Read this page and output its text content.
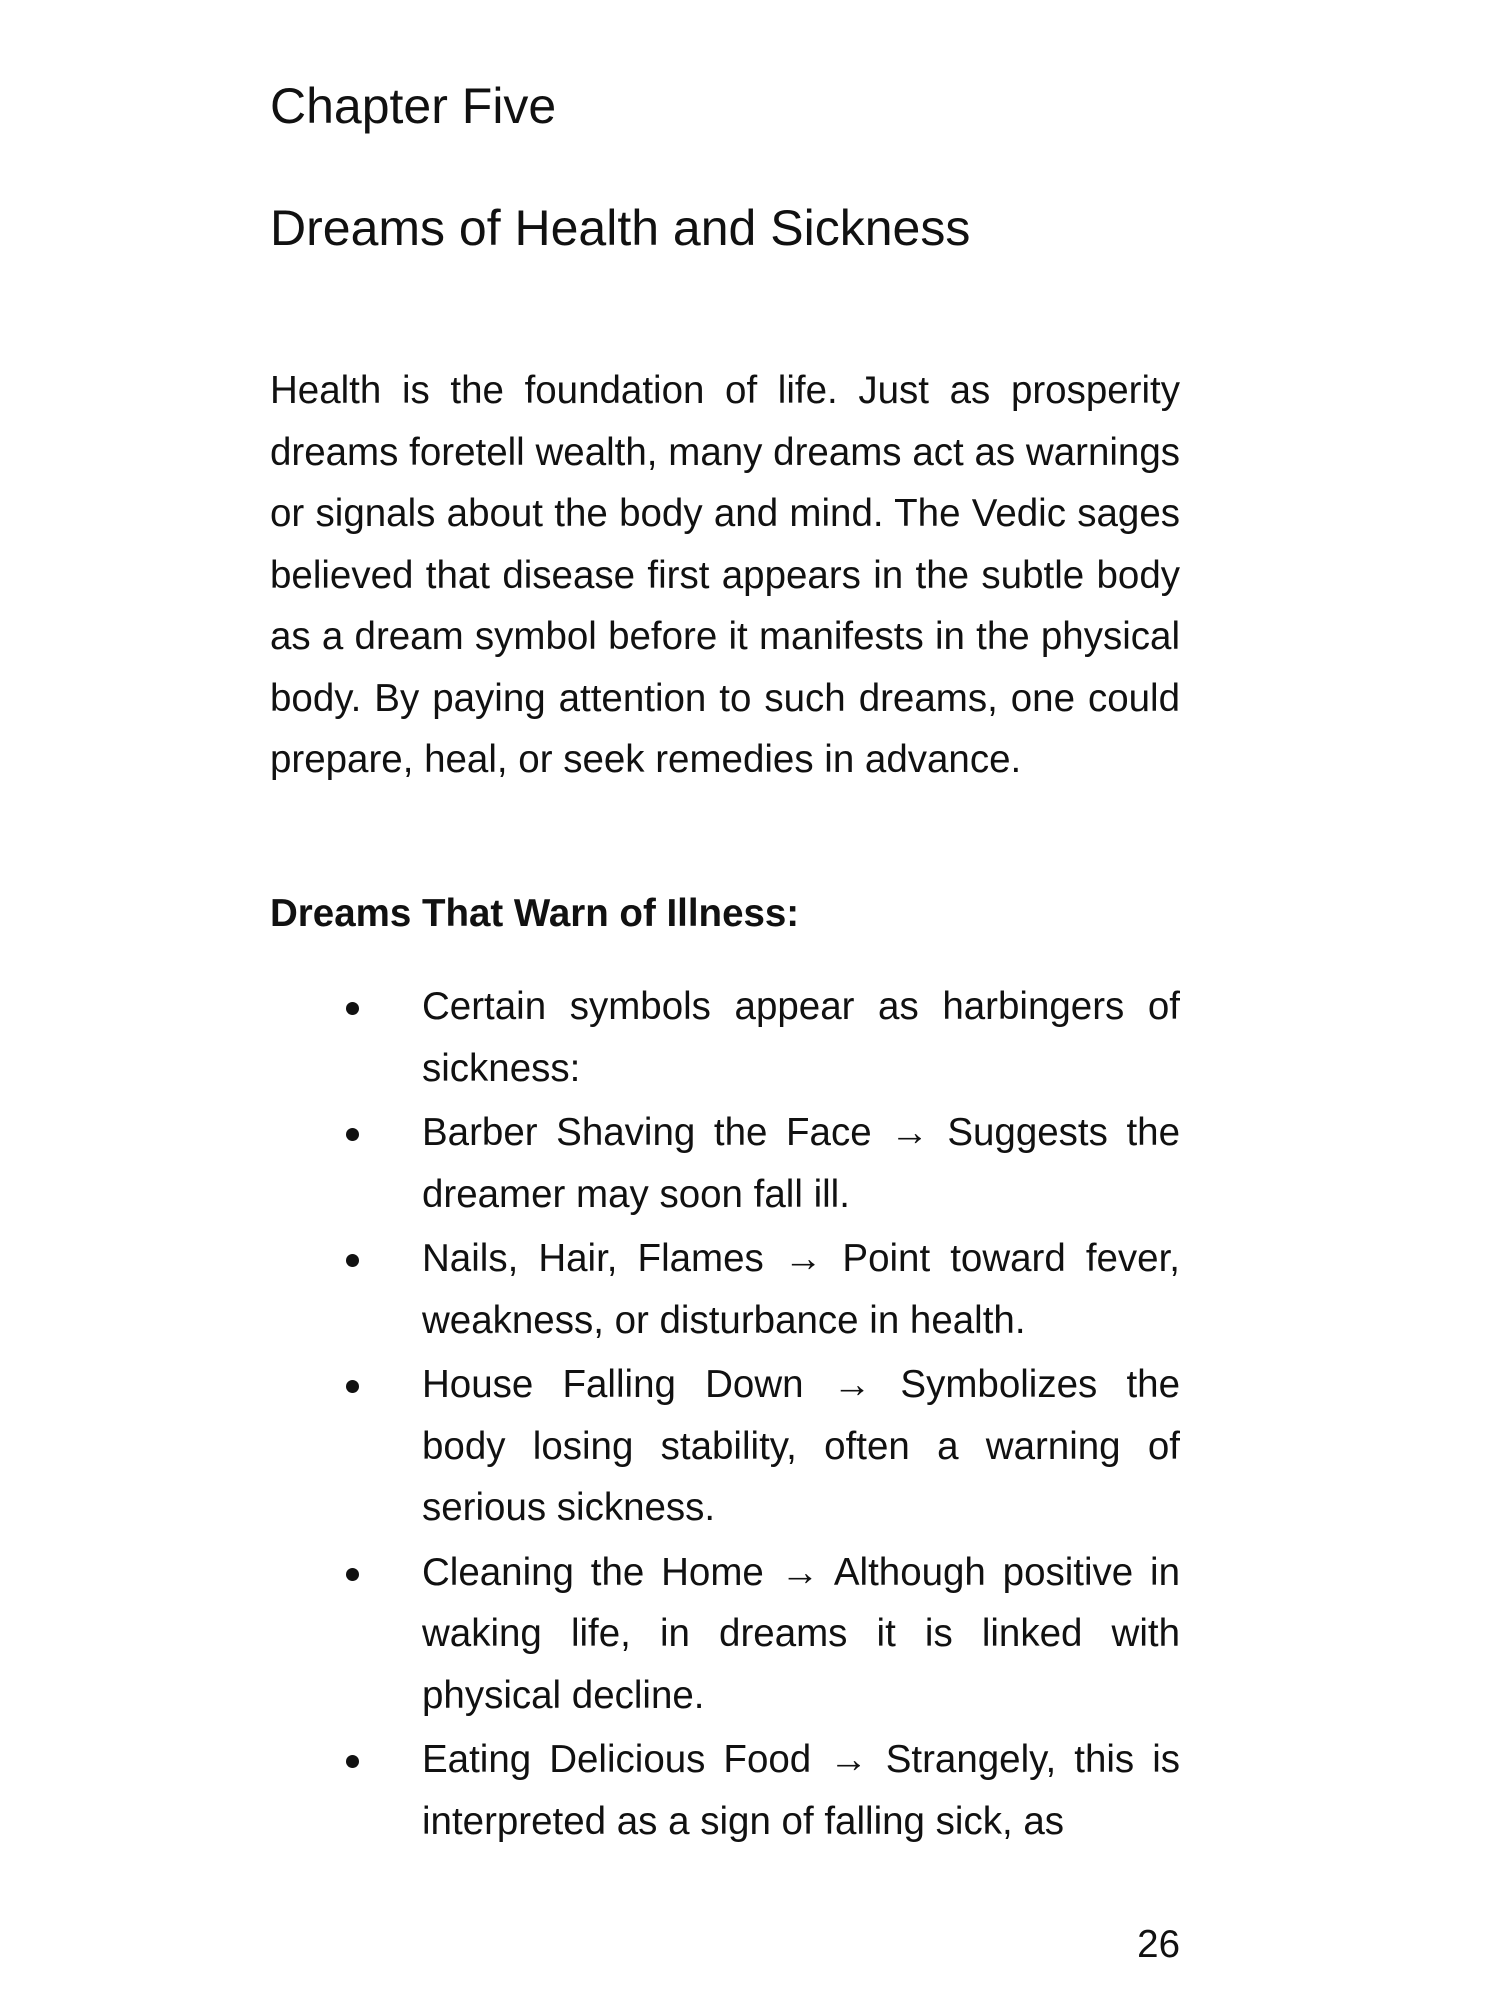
Chapter Five
Dreams of Health and Sickness

Health is the foundation of life. Just as prosperity dreams foretell wealth, many dreams act as warnings or signals about the body and mind. The Vedic sages believed that disease first appears in the subtle body as a dream symbol before it manifests in the physical body. By paying attention to such dreams, one could prepare, heal, or seek remedies in advance.

Dreams That Warn of Illness:
Certain symbols appear as harbingers of sickness:
Barber Shaving the Face → Suggests the dreamer may soon fall ill.
Nails, Hair, Flames → Point toward fever, weakness, or disturbance in health.
House Falling Down → Symbolizes the body losing stability, often a warning of serious sickness.
Cleaning the Home → Although positive in waking life, in dreams it is linked with physical decline.
Eating Delicious Food → Strangely, this is interpreted as a sign of falling sick, as
26
